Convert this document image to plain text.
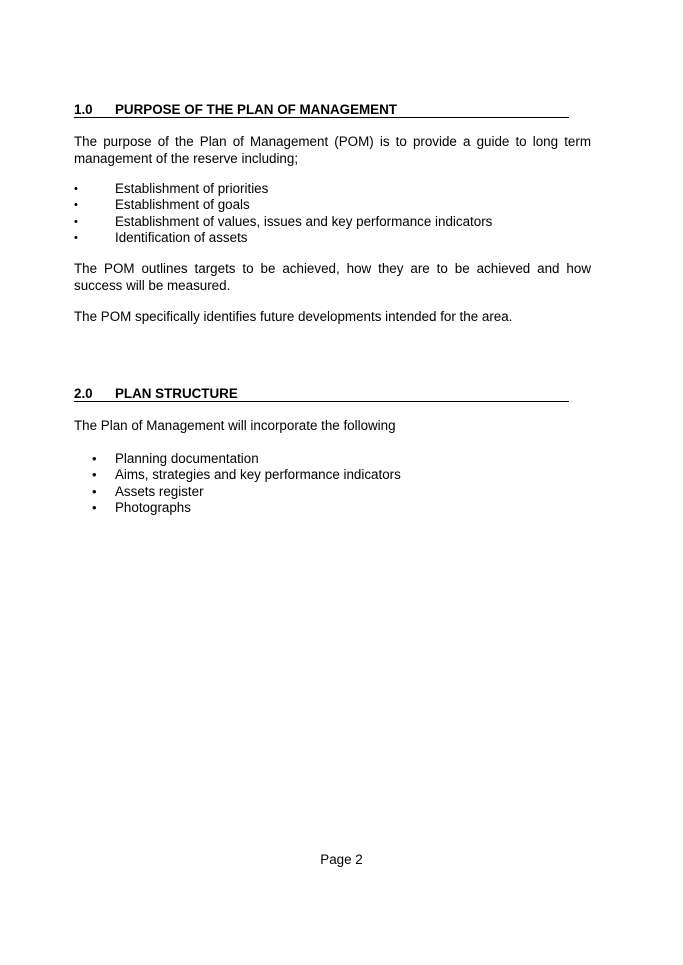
1.0 PURPOSE OF THE PLAN OF MANAGEMENT

The purpose of the Plan of Management (POM) is to provide a guide to long term management of the reserve including;

•	Establishment of priorities
•	Establishment of goals
•	Establishment of values, issues and key performance indicators
•	Identification of assets

The POM outlines targets to be achieved, how they are to be achieved and how success will be measured.

The POM specifically identifies future developments intended for the area.

2.0 PLAN STRUCTURE

The Plan of Management will incorporate the following

• Planning documentation
• Aims, strategies and key performance indicators
• Assets register
• Photographs
Page 2
